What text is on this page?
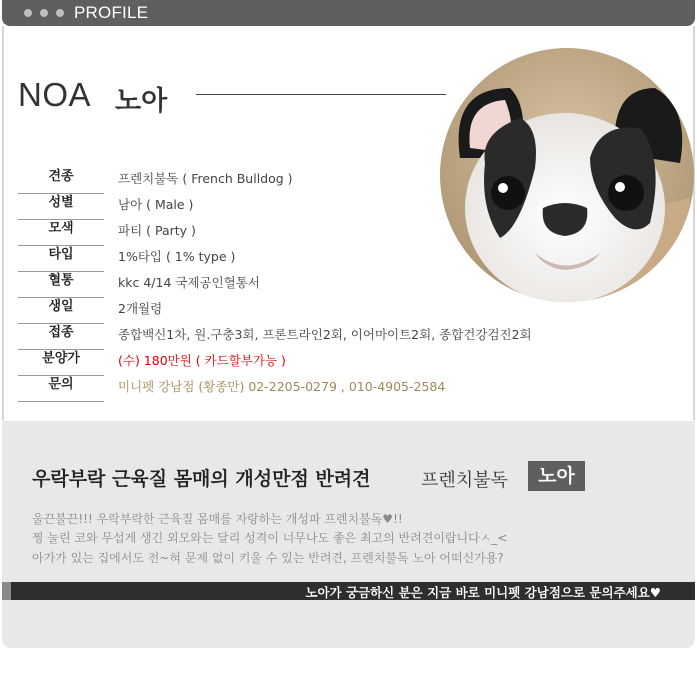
PROFILE
NOA 노아
견종	프렌치불독 ( French Bulldog )
성별	남아 ( Male )
모색	파티 ( Party )
타입	1%타입 ( 1% type )
혈통	kkc 4/14 국제공인혈통서
생일	2개월령
접종	종합백신1차, 원.구충3회, 프론트라인2회, 이어마이트2회, 종합건강검진2회
분양가	(수) 180만원 ( 카드할부가능 )
문의	미니펫 강남점 (황종만) 02-2205-0279 , 010-4905-2584
우락부락 근육질 몸매의 개성만점 반려견	프렌치불독	노아
울끈불끈!!! 우락부락한 근육질 몸매를 자랑하는 개성파 프렌치불독♥!!
찡 눌린 코와 무섭게 생긴 외모와는 달리 성격이 너무나도 좋은 최고의 반려견이랍니다ㅅ_<
아가가 있는 집에서도 전~혀 문제 없이 키울 수 있는 반려견, 프렌치불독 노아 어떠신가용?
노아가 궁금하신 분은 지금 바로 미니펫 강남점으로 문의주세요♥
